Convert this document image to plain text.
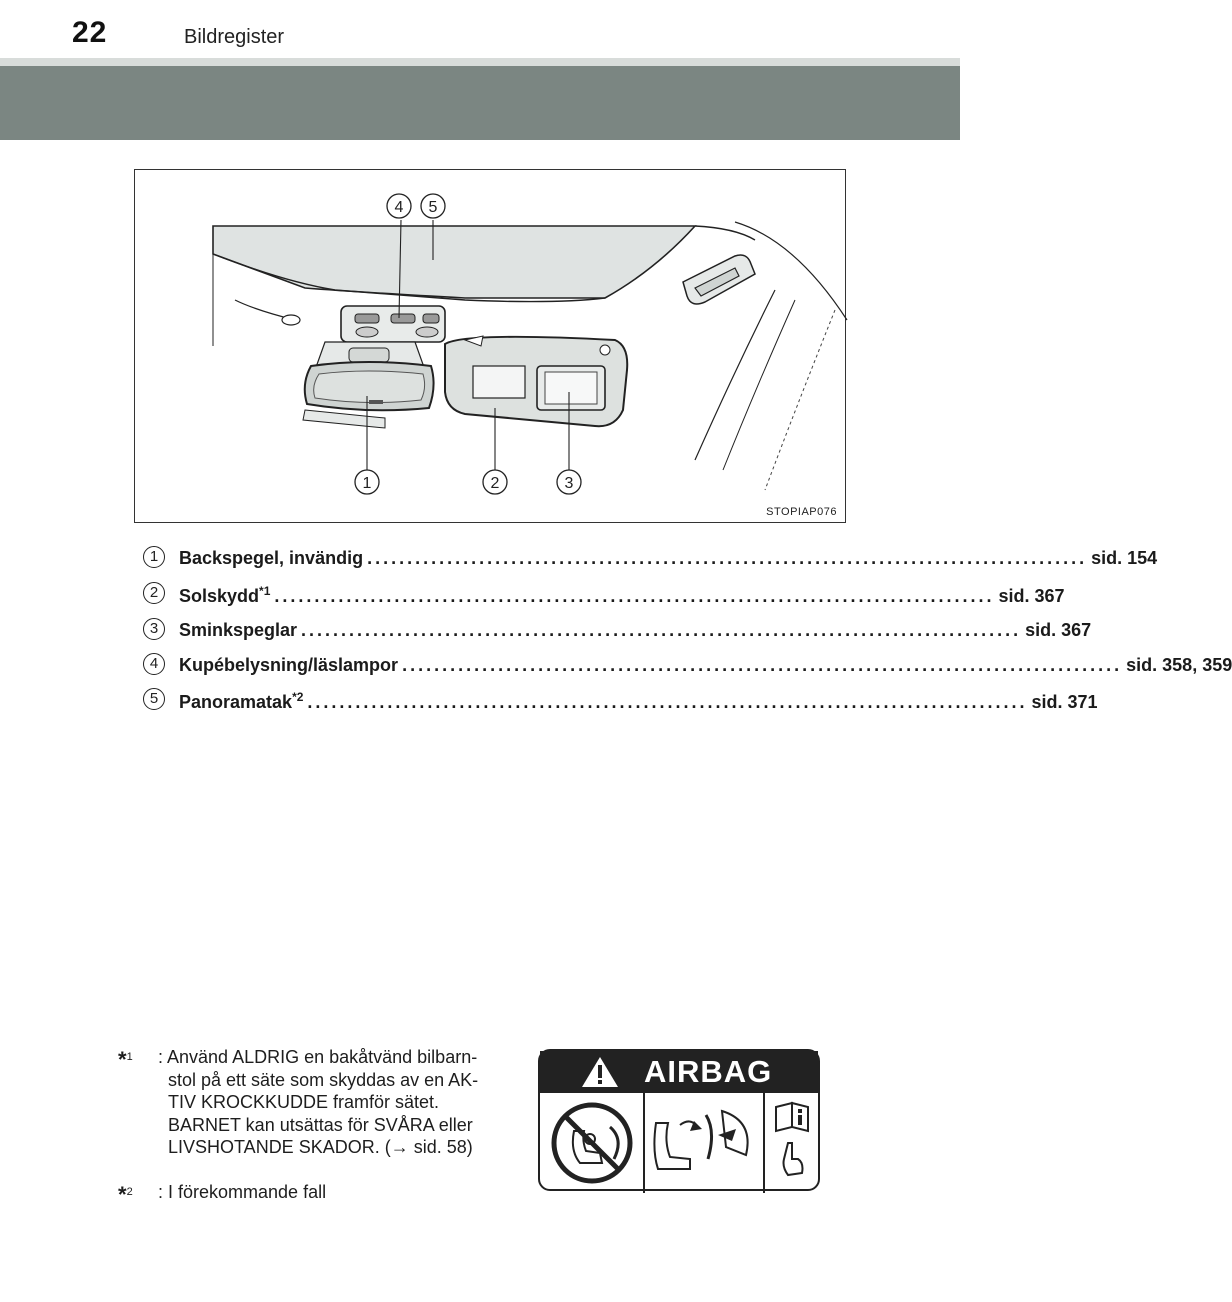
22	Bildregister
4 5
1	2	3
STOPIAP076
1	Backspegel, invändig .......................................................................................... sid. 154
2	Solskydd$^{*1}$ .......................................................................................... sid. 367
3	Sminkspeglar .......................................................................................... sid. 367
4	Kupébelysning/läslampor .......................................................................................... sid. 358, 359
5	Panoramatak$^{*2}$ .......................................................................................... sid. 371
*$^1$	: Använd ALDRIG en bakåtvänd bilbarn-
stol på ett säte som skyddas av en AK-
TIV KROCKKUDDE framför sätet.
BARNET kan utsättas för SVÅRA eller
LIVSHOTANDE SKADOR. (→ sid. 58)
*$^2$	: I förekommande fall
AIRBAG
